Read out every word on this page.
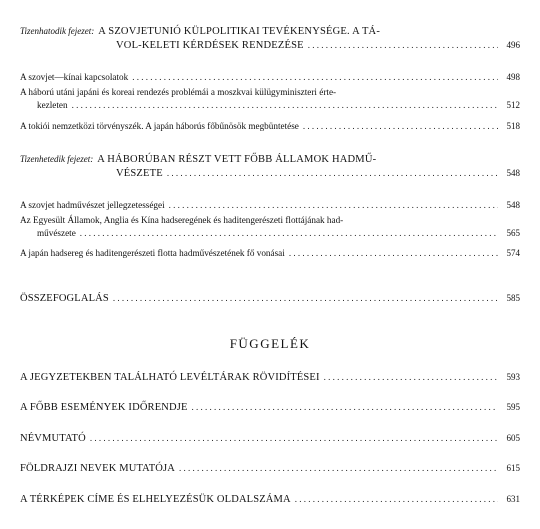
Tizenhatodik fejezet: A SZOVJETUNIÓ KÜLPOLITIKAI TEVÉKENYSÉGE. A TÁ-
VOL-KELETI KÉRDÉSEK RENDEZÉSE . . .	496
A szovjet—kínai kapcsolatok . . .	498
A háború utáni japáni és koreai rendezés problémái a moszkvai külügyminiszteri érte-
kezleten . . .	512
A tokiói nemzetközi törvényszék. A japán háborús főbűnösök megbüntetése . . .	518
Tizenhetedik fejezet: A HÁBORÚBAN RÉSZT VETT FŐBB ÁLLAMOK HADMŰ-
VÉSZETE . . .	548
A szovjet hadművészet jellegzetességei . . .	548
Az Egyesült Államok, Anglia és Kína hadseregének és haditengerészeti flottájának had-
művészete . . .	565
A japán hadsereg és haditengerészeti flotta hadművészetének fő vonásai . . .	574
ÖSSZEFOGLALÁS . . .	585
FÜGGELÉK
A JEGYZETEKBEN TALÁLHATÓ LEVÉLTÁRAK RÖVIDÍTÉSEI . . .	593
A FŐBB ESEMÉNYEK IDŐRENDJE . . .	595
NÉVMUTATÓ . . .	605
FÖLDRAJZI NEVEK MUTATÓJA . . .	615
A TÉRKÉPEK CÍME ÉS ELHELYEZÉSÜK OLDALSZÁMA . . .	631
